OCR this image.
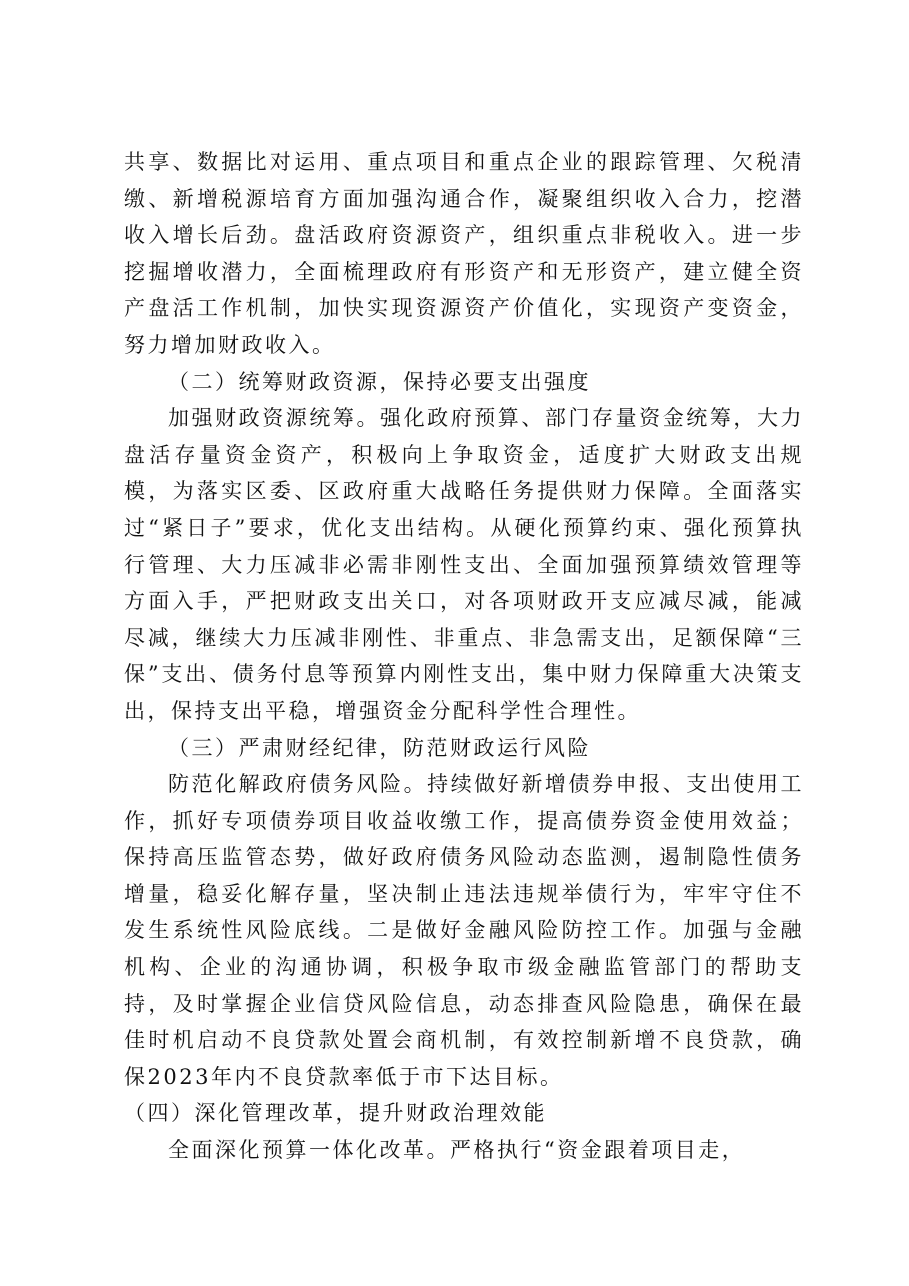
共享、数据比对运用、重点项目和重点企业的跟踪管理、欠税清缴、新增税源培育方面加强沟通合作，凝聚组织收入合力，挖潜收入增长后劲。盘活政府资源资产，组织重点非税收入。进一步挖掘增收潜力，全面梳理政府有形资产和无形资产，建立健全资产盘活工作机制，加快实现资源资产价值化，实现资产变资金，努力增加财政收入。

（二）统筹财政资源，保持必要支出强度

加强财政资源统筹。强化政府预算、部门存量资金统筹，大力盘活存量资金资产，积极向上争取资金，适度扩大财政支出规模，为落实区委、区政府重大战略任务提供财力保障。全面落实过“紧日子”要求，优化支出结构。从硬化预算约束、强化预算执行管理、大力压减非必需非刚性支出、全面加强预算绩效管理等方面入手，严把财政支出关口，对各项财政开支应减尽减，能减尽减，继续大力压减非刚性、非重点、非急需支出，足额保障“三保”支出、债务付息等预算内刚性支出，集中财力保障重大决策支出，保持支出平稳，增强资金分配科学性合理性。

（三）严肃财经纪律，防范财政运行风险

防范化解政府债务风险。持续做好新增债券申报、支出使用工作，抓好专项债券项目收益收缴工作，提高债券资金使用效益；保持高压监管态势，做好政府债务风险动态监测，遏制隐性债务增量，稳妥化解存量，坚决制止违法违规举债行为，牢牢守住不发生系统性风险底线。二是做好金融风险防控工作。加强与金融机构、企业的沟通协调，积极争取市级金融监管部门的帮助支持，及时掌握企业信贷风险信息，动态排查风险隐患，确保在最佳时机启动不良贷款处置会商机制，有效控制新增不良贷款，确保2023年内不良贷款率低于市下达目标。

（四）深化管理改革，提升财政治理效能

全面深化预算一体化改革。严格执行“资金跟着项目走，
